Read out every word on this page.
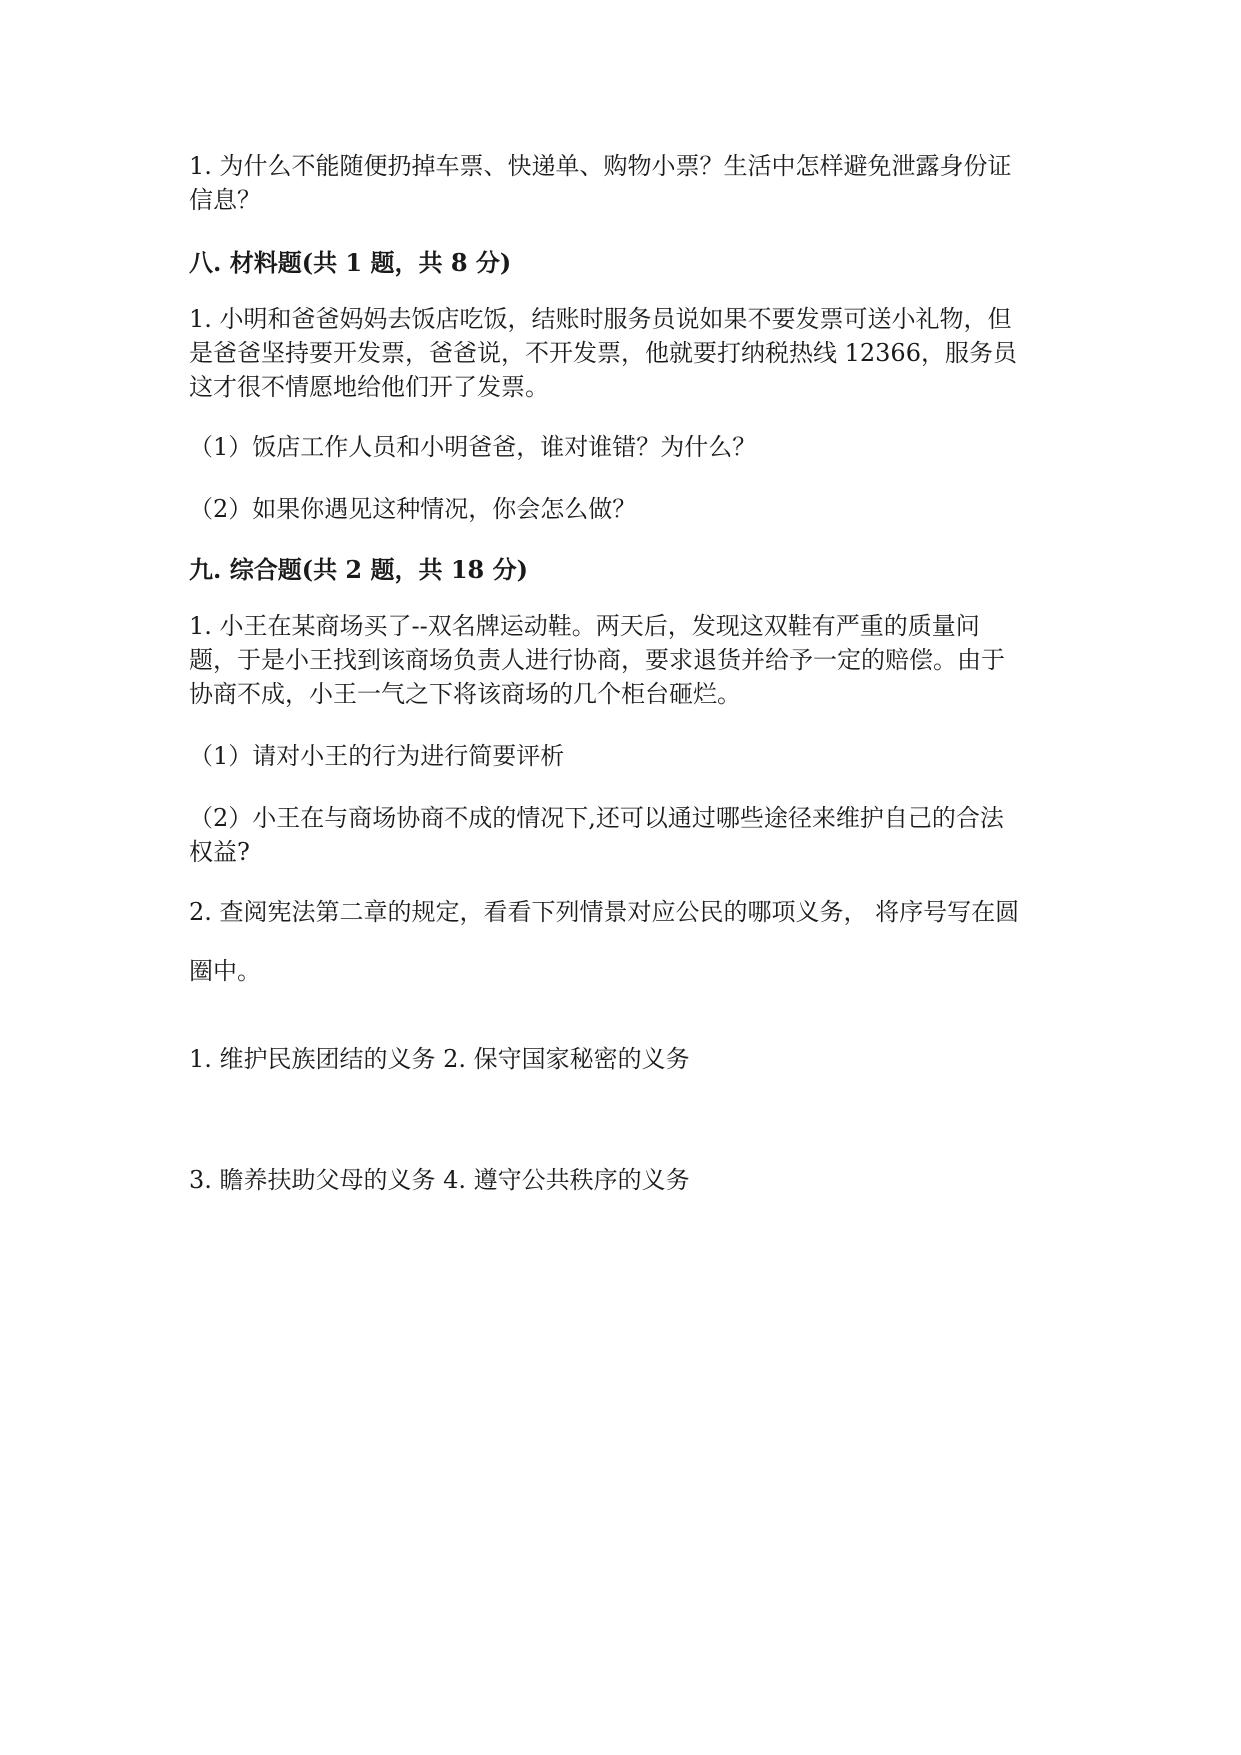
1. 为什么不能随便扔掉车票、快递单、购物小票？生活中怎样避免泄露身份证
信息？
八. 材料题(共 1 题，共 8 分)
1. 小明和爸爸妈妈去饭店吃饭，结账时服务员说如果不要发票可送小礼物，但
是爸爸坚持要开发票，爸爸说，不开发票，他就要打纳税热线 12366，服务员
这才很不情愿地给他们开了发票。
（1）饭店工作人员和小明爸爸，谁对谁错？为什么？
（2）如果你遇见这种情况，你会怎么做？
九. 综合题(共 2 题，共 18 分)
1. 小王在某商场买了--双名牌运动鞋。两天后，发现这双鞋有严重的质量问
题，于是小王找到该商场负责人进行协商，要求退货并给予一定的赔偿。由于
协商不成，小王一气之下将该商场的几个柜台砸烂。
（1）请对小王的行为进行简要评析
（2）小王在与商场协商不成的情况下,还可以通过哪些途径来维护自己的合法
权益?
2. 查阅宪法第二章的规定，看看下列情景对应公民的哪项义务， 将序号写在圆
圈中。
1. 维护民族团结的义务 2. 保守国家秘密的义务
3. 瞻养扶助父母的义务 4. 遵守公共秩序的义务
